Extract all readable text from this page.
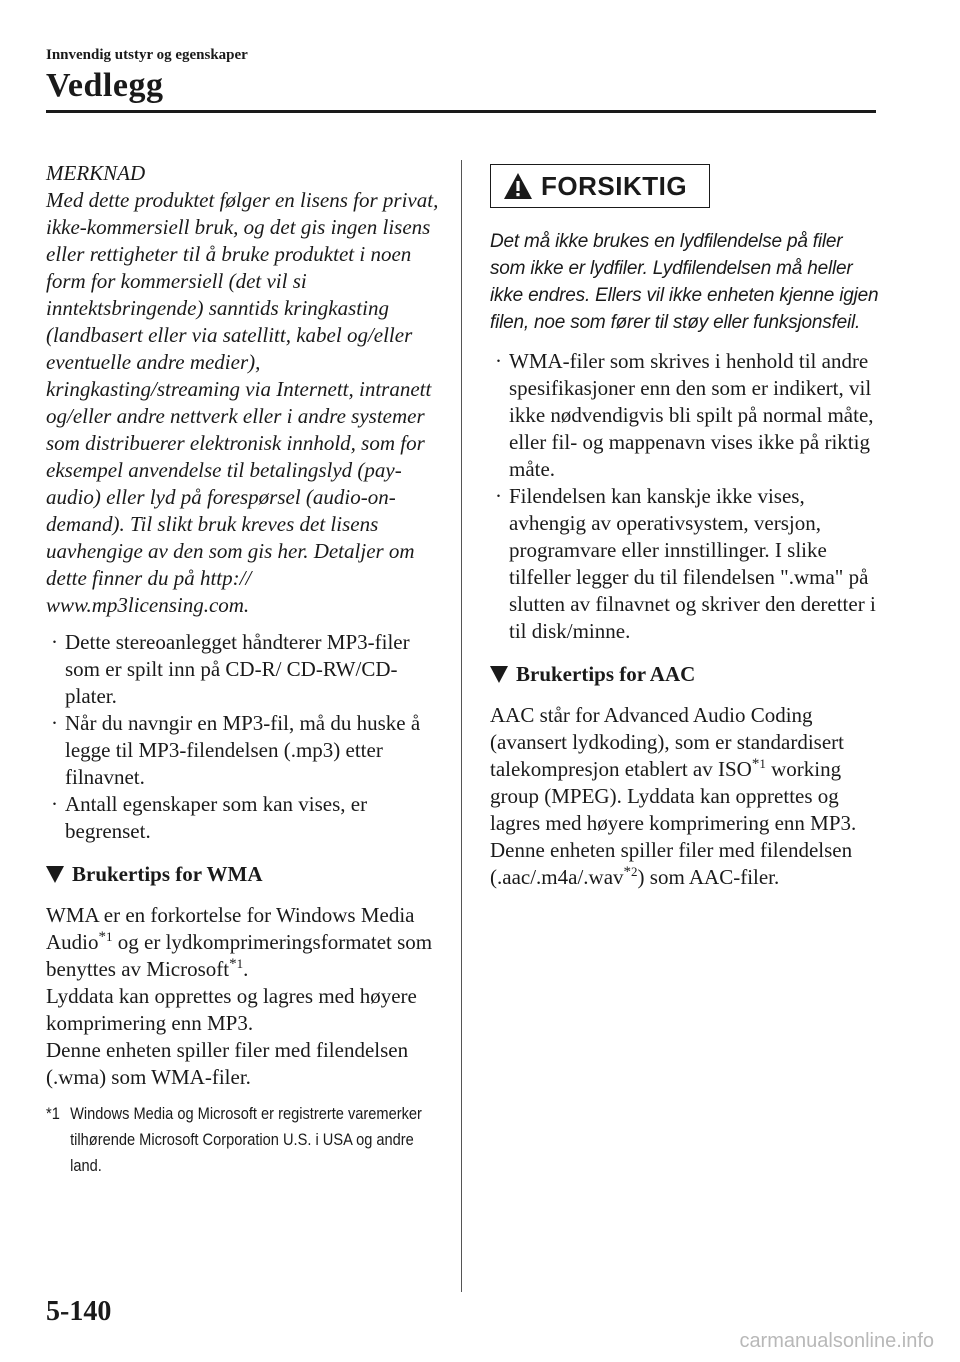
Innvendig utstyr og egenskaper
Vedlegg
MERKNAD

Med dette produktet følger en lisens for privat, ikke-kommersiell bruk, og det gis ingen lisens eller rettigheter til å bruke produktet i noen form for kommersiell (det vil si inntektsbringende) sanntids kringkasting (landbasert eller via satellitt, kabel og/eller eventuelle andre medier), kringkasting/streaming via Internett, intranett og/eller andre nettverk eller i andre systemer som distribuerer elektronisk innhold, som for eksempel anvendelse til betalingslyd (pay-audio) eller lyd på forespørsel (audio-on-demand). Til slikt bruk kreves det lisens uavhengige av den som gis her. Detaljer om dette finner du på http:// www.mp3licensing.com.

· Dette stereoanlegget håndterer MP3-filer som er spilt inn på CD-R/ CD-RW/CD-plater.
· Når du navngir en MP3-fil, må du huske å legge til MP3-filendelsen (.mp3) etter filnavnet.
· Antall egenskaper som kan vises, er begrenset.
Brukertips for WMA

WMA er en forkortelse for Windows Media Audio$^{*1}$ og er lydkomprimeringsformatet som benyttes av Microsoft$^{*1}$.

Lyddata kan opprettes og lagres med høyere komprimering enn MP3.

Denne enheten spiller filer med filendelsen (.wma) som WMA-filer.

*1 Windows Media og Microsoft er registrerte varemerker tilhørende Microsoft Corporation U.S. i USA og andre land.
FORSIKTIG
Det må ikke brukes en lydfilendelse på filer som ikke er lydfiler. Lydfilendelsen må heller ikke endres. Ellers vil ikke enheten kjenne igjen filen, noe som fører til støy eller funksjonsfeil.
· WMA-filer som skrives i henhold til andre spesifikasjoner enn den som er indikert, vil ikke nødvendigvis bli spilt på normal måte, eller fil- og mappenavn vises ikke på riktig måte.
· Filendelsen kan kanskje ikke vises, avhengig av operativsystem, versjon, programvare eller innstillinger. I slike tilfeller legger du til filendelsen ".wma" på slutten av filnavnet og skriver den deretter i til disk/minne.
Brukertips for AAC

AAC står for Advanced Audio Coding (avansert lydkoding), som er standardisert talekompresjon etablert av ISO$^{*1}$ working group (MPEG). Lyddata kan opprettes og lagres med høyere komprimering enn MP3.

Denne enheten spiller filer med filendelsen (.aac/.m4a/.wav$^{*2}$) som AAC-filer.

5-140
carmanualsonline.info
